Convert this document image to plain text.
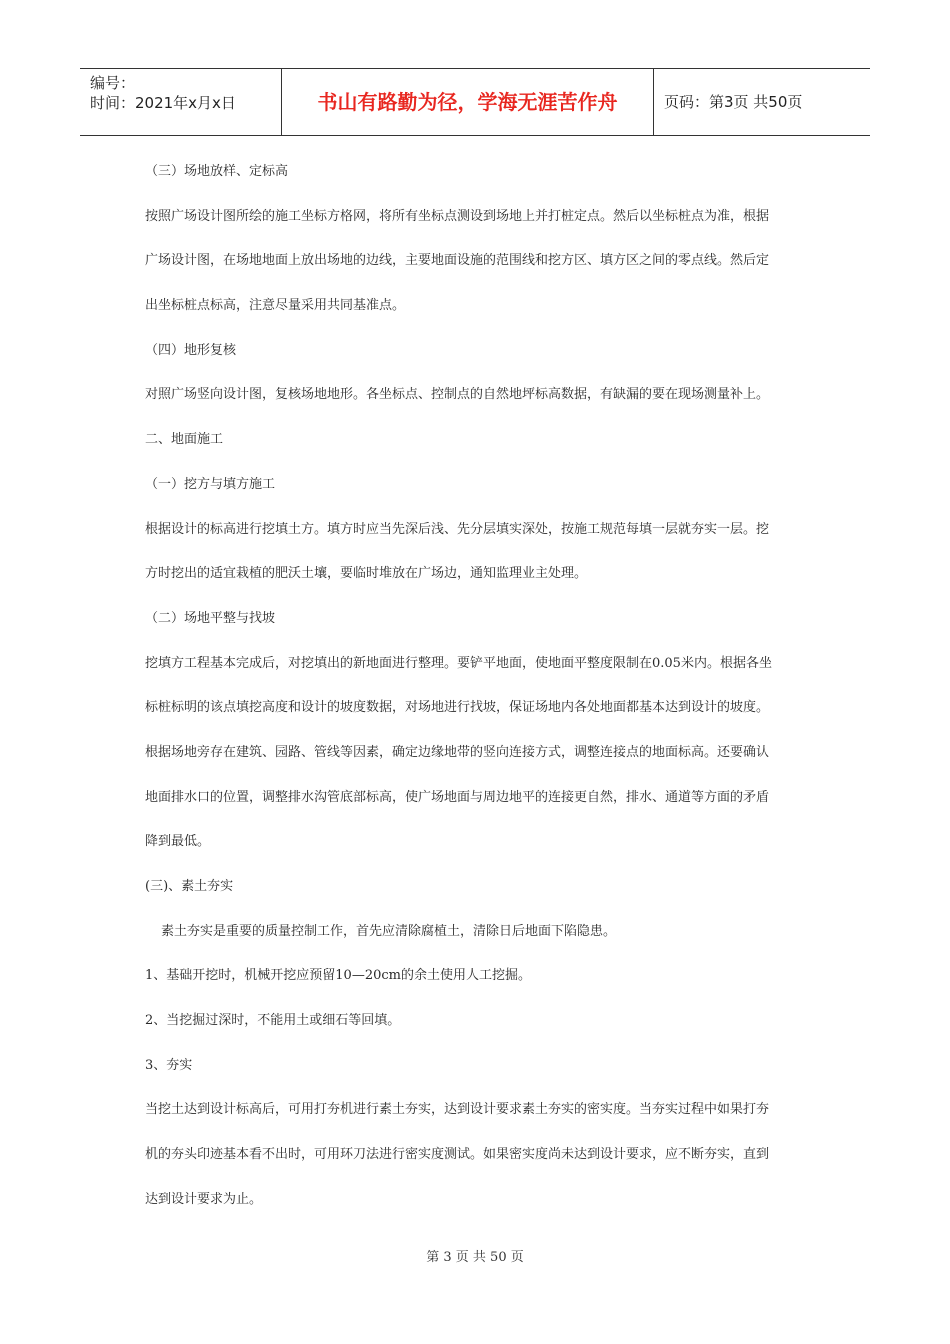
编号：
时间：2021年x月x日	书山有路勤为径，学海无涯苦作舟	页码：第3页 共50页
（三）场地放样、定标高
按照广场设计图所绘的施工坐标方格网，将所有坐标点测设到场地上并打桩定点。然后以坐标桩点为准，根据
广场设计图，在场地地面上放出场地的边线，主要地面设施的范围线和挖方区、填方区之间的零点线。然后定
出坐标桩点标高，注意尽量采用共同基准点。
（四）地形复核
对照广场竖向设计图，复核场地地形。各坐标点、控制点的自然地坪标高数据，有缺漏的要在现场测量补上。
二、地面施工
（一）挖方与填方施工
根据设计的标高进行挖填土方。填方时应当先深后浅、先分层填实深处，按施工规范每填一层就夯实一层。挖
方时挖出的适宜栽植的肥沃土壤，要临时堆放在广场边，通知监理业主处理。
（二）场地平整与找坡
挖填方工程基本完成后，对挖填出的新地面进行整理。要铲平地面，使地面平整度限制在0.05米内。根据各坐
标桩标明的该点填挖高度和设计的坡度数据，对场地进行找坡，保证场地内各处地面都基本达到设计的坡度。
根据场地旁存在建筑、园路、管线等因素，确定边缘地带的竖向连接方式，调整连接点的地面标高。还要确认
地面排水口的位置，调整排水沟管底部标高，使广场地面与周边地平的连接更自然，排水、通道等方面的矛盾
降到最低。
(三)、素土夯实
素土夯实是重要的质量控制工作，首先应清除腐植土，清除日后地面下陷隐患。
1、基础开挖时，机械开挖应预留10—20cm的余土使用人工挖掘。
2、当挖掘过深时，不能用土或细石等回填。
3、夯实
当挖土达到设计标高后，可用打夯机进行素土夯实，达到设计要求素土夯实的密实度。当夯实过程中如果打夯
机的夯头印迹基本看不出时，可用环刀法进行密实度测试。如果密实度尚未达到设计要求，应不断夯实，直到
达到设计要求为止。
第 3 页 共 50 页
